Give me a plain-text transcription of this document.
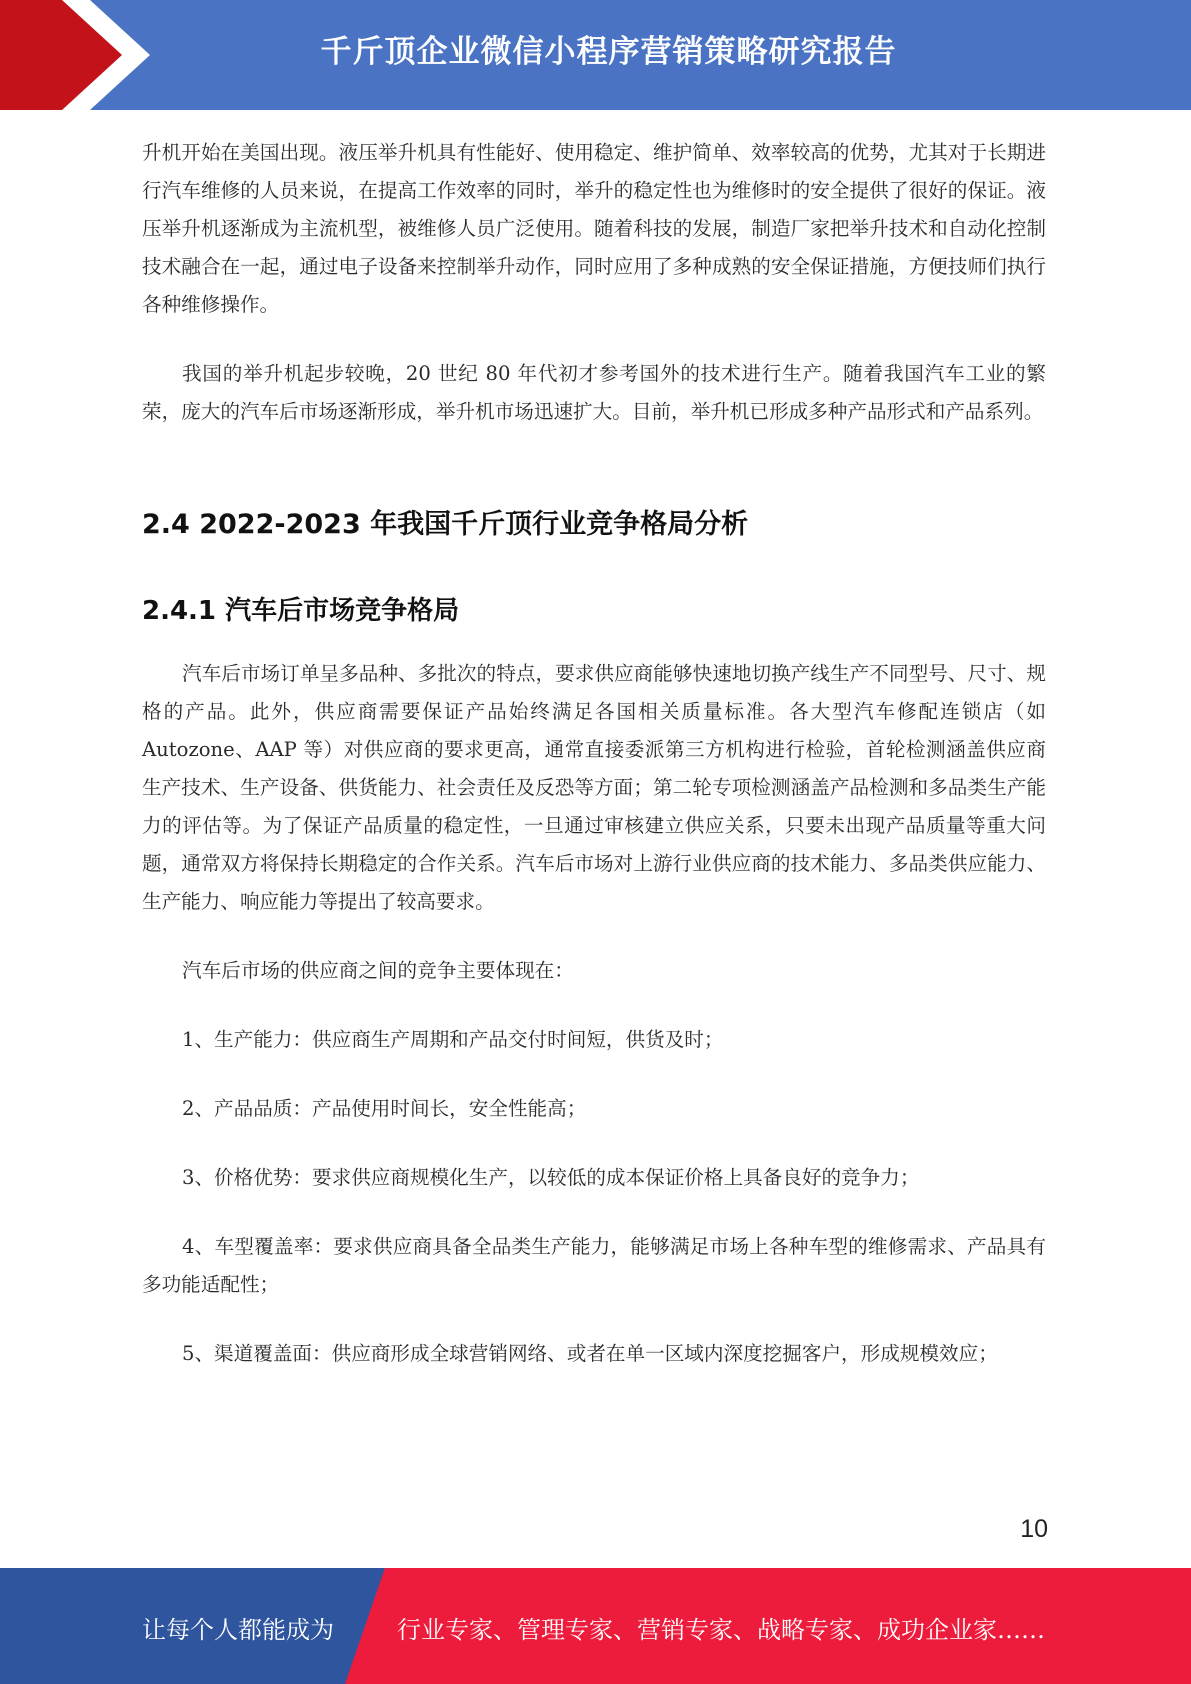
千斤顶企业微信小程序营销策略研究报告

升机开始在美国出现。液压举升机具有性能好、使用稳定、维护简单、效率较高的优势，尤其对于长期进行汽车维修的人员来说，在提高工作效率的同时，举升的稳定性也为维修时的安全提供了很好的保证。液压举升机逐渐成为主流机型，被维修人员广泛使用。随着科技的发展，制造厂家把举升技术和自动化控制技术融合在一起，通过电子设备来控制举升动作，同时应用了多种成熟的安全保证措施，方便技师们执行各种维修操作。

我国的举升机起步较晚，20 世纪 80 年代初才参考国外的技术进行生产。随着我国汽车工业的繁荣，庞大的汽车后市场逐渐形成，举升机市场迅速扩大。目前，举升机已形成多种产品形式和产品系列。

2.4 2022-2023 年我国千斤顶行业竞争格局分析
2.4.1 汽车后市场竞争格局

汽车后市场订单呈多品种、多批次的特点，要求供应商能够快速地切换产线生产不同型号、尺寸、规格的产品。此外，供应商需要保证产品始终满足各国相关质量标准。各大型汽车修配连锁店（如 Autozone、AAP 等）对供应商的要求更高，通常直接委派第三方机构进行检验，首轮检测涵盖供应商生产技术、生产设备、供货能力、社会责任及反恐等方面；第二轮专项检测涵盖产品检测和多品类生产能力的评估等。为了保证产品质量的稳定性，一旦通过审核建立供应关系，只要未出现产品质量等重大问题，通常双方将保持长期稳定的合作关系。汽车后市场对上游行业供应商的技术能力、多品类供应能力、生产能力、响应能力等提出了较高要求。

汽车后市场的供应商之间的竞争主要体现在：

1、生产能力：供应商生产周期和产品交付时间短，供货及时；

2、产品品质：产品使用时间长，安全性能高；

3、价格优势：要求供应商规模化生产，以较低的成本保证价格上具备良好的竞争力；

4、车型覆盖率：要求供应商具备全品类生产能力，能够满足市场上各种车型的维修需求、产品具有多功能适配性；

5、渠道覆盖面：供应商形成全球营销网络、或者在单一区域内深度挖掘客户，形成规模效应；

10
让每个人都能成为	行业专家、管理专家、营销专家、战略专家、成功企业家……
